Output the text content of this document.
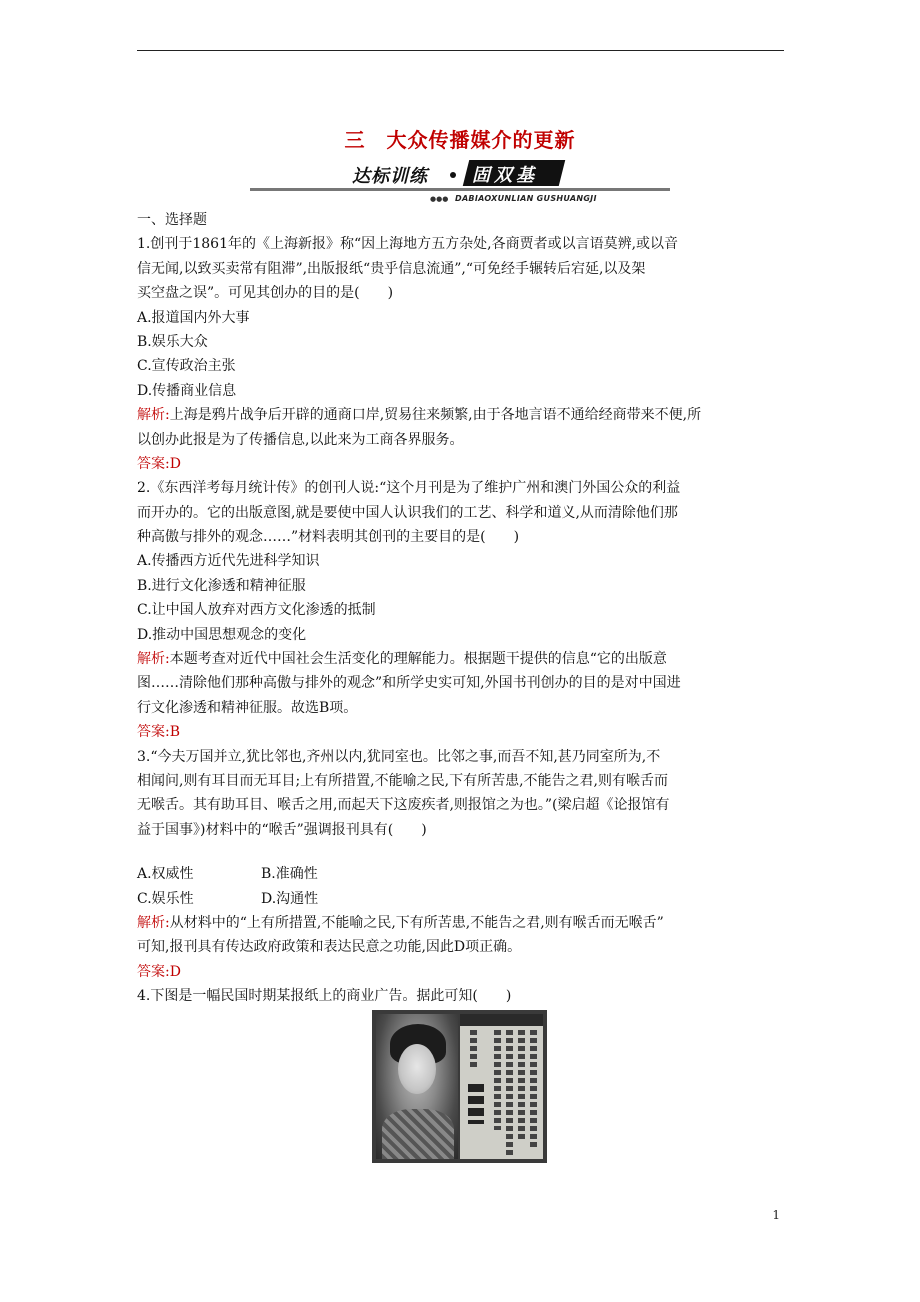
三　大众传播媒介的更新
达标训练 固双基
●●● DABIAOXUNLIAN GUSHUANGJI
一、选择题
1.创刊于1861年的《上海新报》称“因上海地方五方杂处,各商贾者或以言语莫辨,或以音
信无闻,以致买卖常有阻滞”,出版报纸“贵乎信息流通”,“可免经手辗转后宕延,以及架
买空盘之误”。可见其创办的目的是(　　)
A.报道国内外大事
B.娱乐大众
C.宣传政治主张
D.传播商业信息
解析:上海是鸦片战争后开辟的通商口岸,贸易往来频繁,由于各地言语不通给经商带来不便,所
以创办此报是为了传播信息,以此来为工商各界服务。
答案:D
2.《东西洋考每月统计传》的创刊人说:“这个月刊是为了维护广州和澳门外国公众的利益
而开办的。它的出版意图,就是要使中国人认识我们的工艺、科学和道义,从而清除他们那
种高傲与排外的观念……”材料表明其创刊的主要目的是(　　)
A.传播西方近代先进科学知识
B.进行文化渗透和精神征服
C.让中国人放弃对西方文化渗透的抵制
D.推动中国思想观念的变化
解析:本题考查对近代中国社会生活变化的理解能力。根据题干提供的信息“它的出版意
图……清除他们那种高傲与排外的观念”和所学史实可知,外国书刊创办的目的是对中国进
行文化渗透和精神征服。故选B项。
答案:B
3.“今夫万国并立,犹比邻也,齐州以内,犹同室也。比邻之事,而吾不知,甚乃同室所为,不
相闻问,则有耳目而无耳目;上有所措置,不能喻之民,下有所苦患,不能告之君,则有喉舌而
无喉舌。其有助耳目、喉舌之用,而起天下这废疾者,则报馆之为也。”(梁启超《论报馆有
益于国事》)材料中的“喉舌”强调报刊具有(　　)
A.权威性	B.准确性
C.娱乐性	D.沟通性
解析:从材料中的“上有所措置,不能喻之民,下有所苦患,不能告之君,则有喉舌而无喉舌”
可知,报刊具有传达政府政策和表达民意之功能,因此D项正确。
答案:D
4.下图是一幅民国时期某报纸上的商业广告。据此可知(　　)
1
